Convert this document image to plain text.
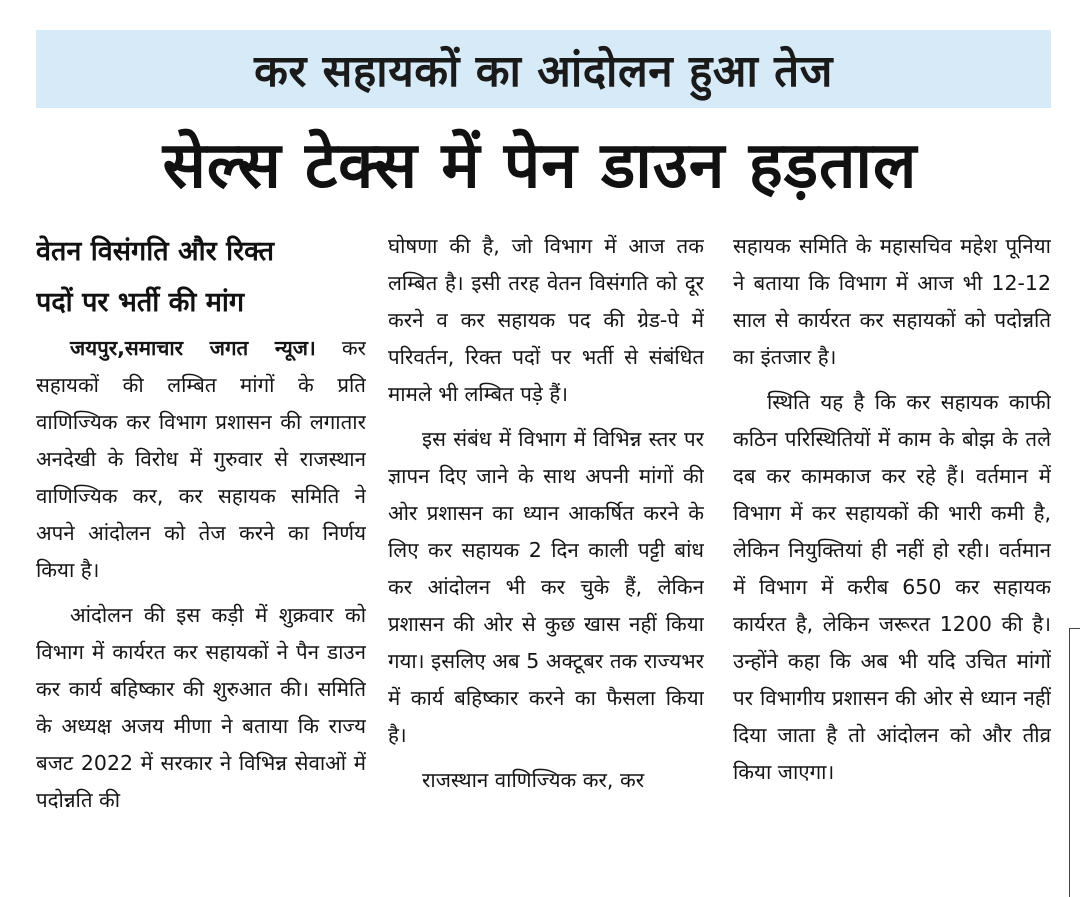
कर सहायकों का आंदोलन हुआ तेज
सेल्स टेक्स में पेन डाउन हड़ताल
वेतन विसंगति और रिक्त
पदों पर भर्ती की मांग

जयपुर,समाचार जगत न्यूज। कर सहायकों की लम्बित मांगों के प्रति वाणिज्यिक कर विभाग प्रशासन की लगातार अनदेखी के विरोध में गुरुवार से राजस्थान वाणिज्यिक कर, कर सहायक समिति ने अपने आंदोलन को तेज करने का निर्णय किया है।

आंदोलन की इस कड़ी में शुक्रवार को विभाग में कार्यरत कर सहायकों ने पैन डाउन कर कार्य बहिष्कार की शुरुआत की। समिति के अध्यक्ष अजय मीणा ने बताया कि राज्य बजट 2022 में सरकार ने विभिन्न सेवाओं में पदोन्नति की

घोषणा की है, जो विभाग में आज तक लम्बित है। इसी तरह वेतन विसंगति को दूर करने व कर सहायक पद की ग्रेड-पे में परिवर्तन, रिक्त पदों पर भर्ती से संबंधित मामले भी लम्बित पड़े हैं।

इस संबंध में विभाग में विभिन्न स्तर पर ज्ञापन दिए जाने के साथ अपनी मांगों की ओर प्रशासन का ध्यान आकर्षित करने के लिए कर सहायक 2 दिन काली पट्टी बांध कर आंदोलन भी कर चुके हैं, लेकिन प्रशासन की ओर से कुछ खास नहीं किया गया। इसलिए अब 5 अक्टूबर तक राज्यभर में कार्य बहिष्कार करने का फैसला किया है।

राजस्थान वाणिज्यिक कर, कर

सहायक समिति के महासचिव महेश पूनिया ने बताया कि विभाग में आज भी 12-12 साल से कार्यरत कर सहायकों को पदोन्नति का इंतजार है।

स्थिति यह है कि कर सहायक काफी कठिन परिस्थितियों में काम के बोझ के तले दब कर कामकाज कर रहे हैं। वर्तमान में विभाग में कर सहायकों की भारी कमी है, लेकिन नियुक्तियां ही नहीं हो रही। वर्तमान में विभाग में करीब 650 कर सहायक कार्यरत है, लेकिन जरूरत 1200 की है। उन्होंने कहा कि अब भी यदि उचित मांगों पर विभागीय प्रशासन की ओर से ध्यान नहीं दिया जाता है तो आंदोलन को और तीव्र किया जाएगा।
